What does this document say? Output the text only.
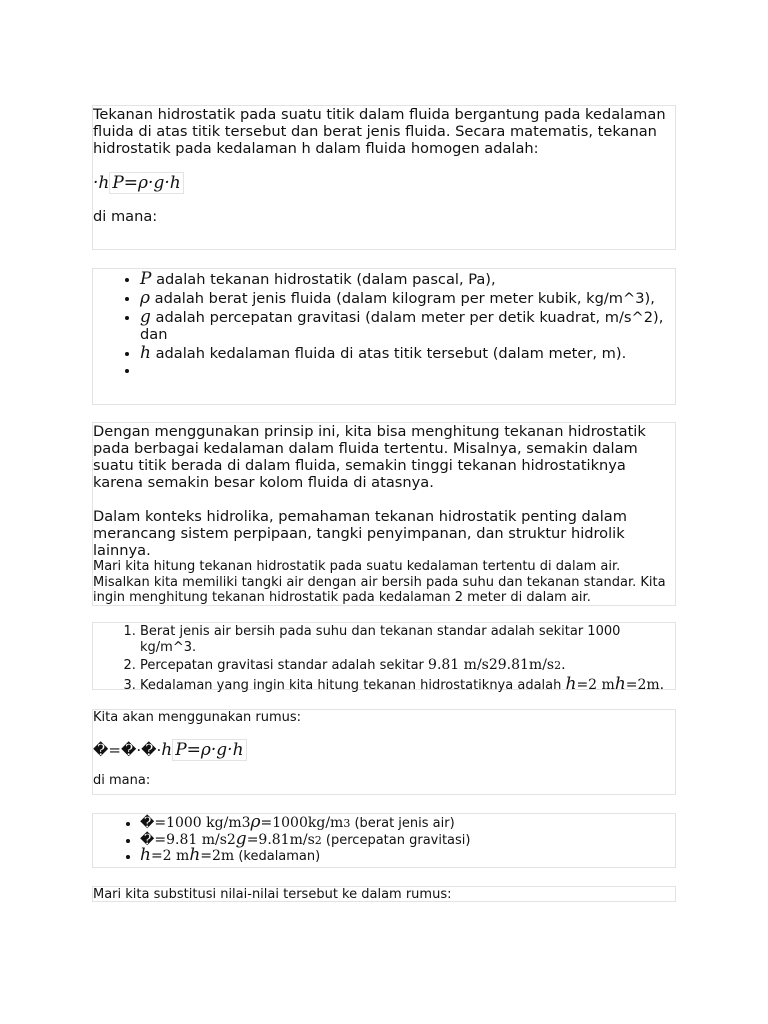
Tekanan hidrostatik pada suatu titik dalam fluida bergantung pada kedalaman fluida di atas titik tersebut dan berat jenis fluida. Secara matematis, tekanan hidrostatik pada kedalaman h dalam fluida homogen adalah:

·h P=ρ·g·h

di mana:

• P adalah tekanan hidrostatik (dalam pascal, Pa),
• ρ adalah berat jenis fluida (dalam kilogram per meter kubik, kg/m^3),
• g adalah percepatan gravitasi (dalam meter per detik kuadrat, m/s^2), dan
• h adalah kedalaman fluida di atas titik tersebut (dalam meter, m).
•

Dengan menggunakan prinsip ini, kita bisa menghitung tekanan hidrostatik pada berbagai kedalaman dalam fluida tertentu. Misalnya, semakin dalam suatu titik berada di dalam fluida, semakin tinggi tekanan hidrostatiknya karena semakin besar kolom fluida di atasnya.

Dalam konteks hidrolika, pemahaman tekanan hidrostatik penting dalam merancang sistem perpipaan, tangki penyimpanan, dan struktur hidrolik lainnya.

Mari kita hitung tekanan hidrostatik pada suatu kedalaman tertentu di dalam air. Misalkan kita memiliki tangki air dengan air bersih pada suhu dan tekanan standar. Kita ingin menghitung tekanan hidrostatik pada kedalaman 2 meter di dalam air.

1. Berat jenis air bersih pada suhu dan tekanan standar adalah sekitar 1000 kg/m^3.
2. Percepatan gravitasi standar adalah sekitar 9.81 m/s29.81m/s2.
3. Kedalaman yang ingin kita hitung tekanan hidrostatiknya adalah h=2 mh=2m.

Kita akan menggunakan rumus:

�=�·�·h P=ρ·g·h

di mana:

• �=1000 kg/m3ρ=1000kg/m3 (berat jenis air)
• �=9.81 m/s2g=9.81m/s2 (percepatan gravitasi)
• h=2 mh=2m (kedalaman)

Mari kita substitusi nilai-nilai tersebut ke dalam rumus:
